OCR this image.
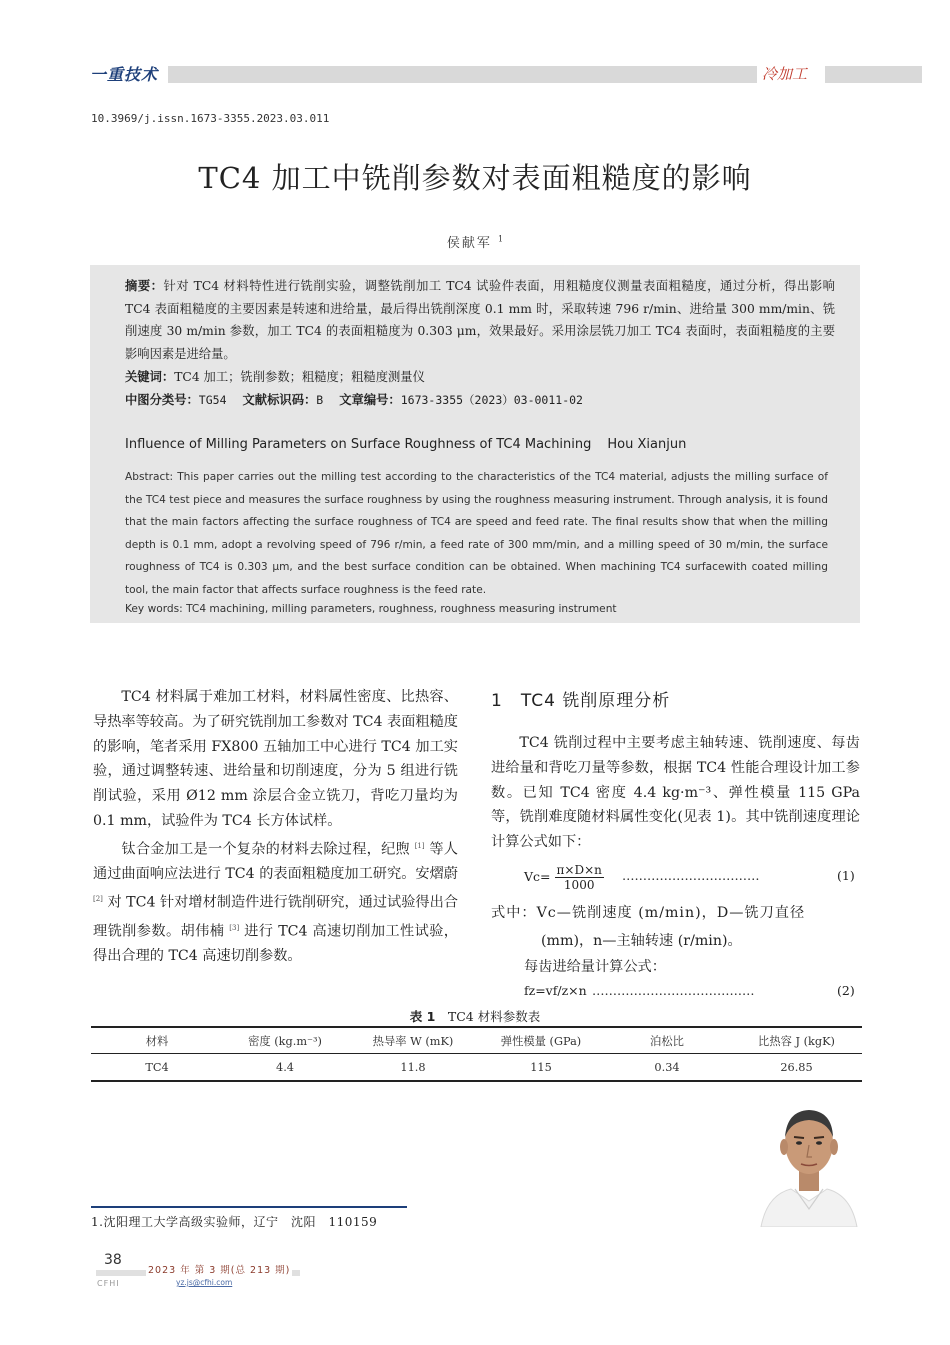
一重技术	冷加工
10.3969/j.issn.1673-3355.2023.03.011
TC4 加工中铣削参数对表面粗糙度的影响
侯献军 $^1$
摘要：针对 TC4 材料特性进行铣削实验，调整铣削加工 TC4 试验件表面，用粗糙度仪测量表面粗糙度，通过分析，得出影响 TC4 表面粗糙度的主要因素是转速和进给量，最后得出铣削深度 0.1 mm 时，采取转速 796 r/min、进给量 300 mm/min、铣削速度 30 m/min 参数，加工 TC4 的表面粗糙度为 0.303 μm，效果最好。采用涂层铣刀加工 TC4 表面时，表面粗糙度的主要影响因素是进给量。
关键词：TC4 加工；铣削参数；粗糙度；粗糙度测量仪
中图分类号：TG54 文献标识码：B 文章编号：1673-3355（2023）03-0011-02
Influence of Milling Parameters on Surface Roughness of TC4 Machining Hou Xianjun
Abstract: This paper carries out the milling test according to the characteristics of the TC4 material, adjusts the milling surface of the TC4 test piece and measures the surface roughness by using the roughness measuring instrument. Through analysis, it is found that the main factors affecting the surface roughness of TC4 are speed and feed rate. The final results show that when the milling depth is 0.1 mm, adopt a revolving speed of 796 r/min, a feed rate of 300 mm/min, and a milling speed of 30 m/min, the surface roughness of TC4 is 0.303 μm, and the best surface condition can be obtained. When machining TC4 surfacewith coated milling tool, the main factor that affects surface roughness is the feed rate.
Key words: TC4 machining, milling parameters, roughness, roughness measuring instrument

TC4 材料属于难加工材料，材料属性密度、比热容、导热率等较高。为了研究铣削加工参数对 TC4 表面粗糙度的影响，笔者采用 FX800 五轴加工中心进行 TC4 加工实验，通过调整转速、进给量和切削速度，分为 5 组进行铣削试验，采用 Ø12 mm 涂层合金立铣刀，背吃刀量均为 0.1 mm，试验件为 TC4 长方体试样。

钛合金加工是一个复杂的材料去除过程，纪煦 [1] 等人通过曲面响应法进行 TC4 的表面粗糙度加工研究。安熠蔚 [2] 对 TC4 针对增材制造件进行铣削研究，通过试验得出合理铣削参数。胡伟楠 [3] 进行 TC4 高速切削加工性试验，得出合理的 TC4 高速切削参数。

1　TC4 铣削原理分析

TC4 铣削过程中主要考虑主轴转速、铣削速度、每齿进给量和背吃刀量等参数，根据 TC4 性能合理设计加工参数。已知 TC4 密度 4.4 kg·m⁻³、弹性模量 115 GPa 等，铣削难度随材料属性变化(见表 1)。其中铣削速度理论计算公式如下：

$Vc= \frac{\pi\times D\times n}{1000}$ ……………………………	(1)
式中：Vc—铣削速度 (m/min)，D—铣刀直径
(mm)，n—主轴转速 (r/min)。
每齿进给量计算公式：
fz=vf/z×n …………………………………	(2)
表 1　 TC4 材料参数表
材料	密度 (kg.m⁻³)	热导率 W (mK)	弹性模量 (GPa)	泊松比	比热容 J (kgK)
TC4	4.4	11.8	115	0.34	26.85
1.沈阳理工大学高级实验师，辽宁　沈阳　110159
38
2023 年 第 3 期(总 213 期)
CFHI	yz.js@cfhi.com
